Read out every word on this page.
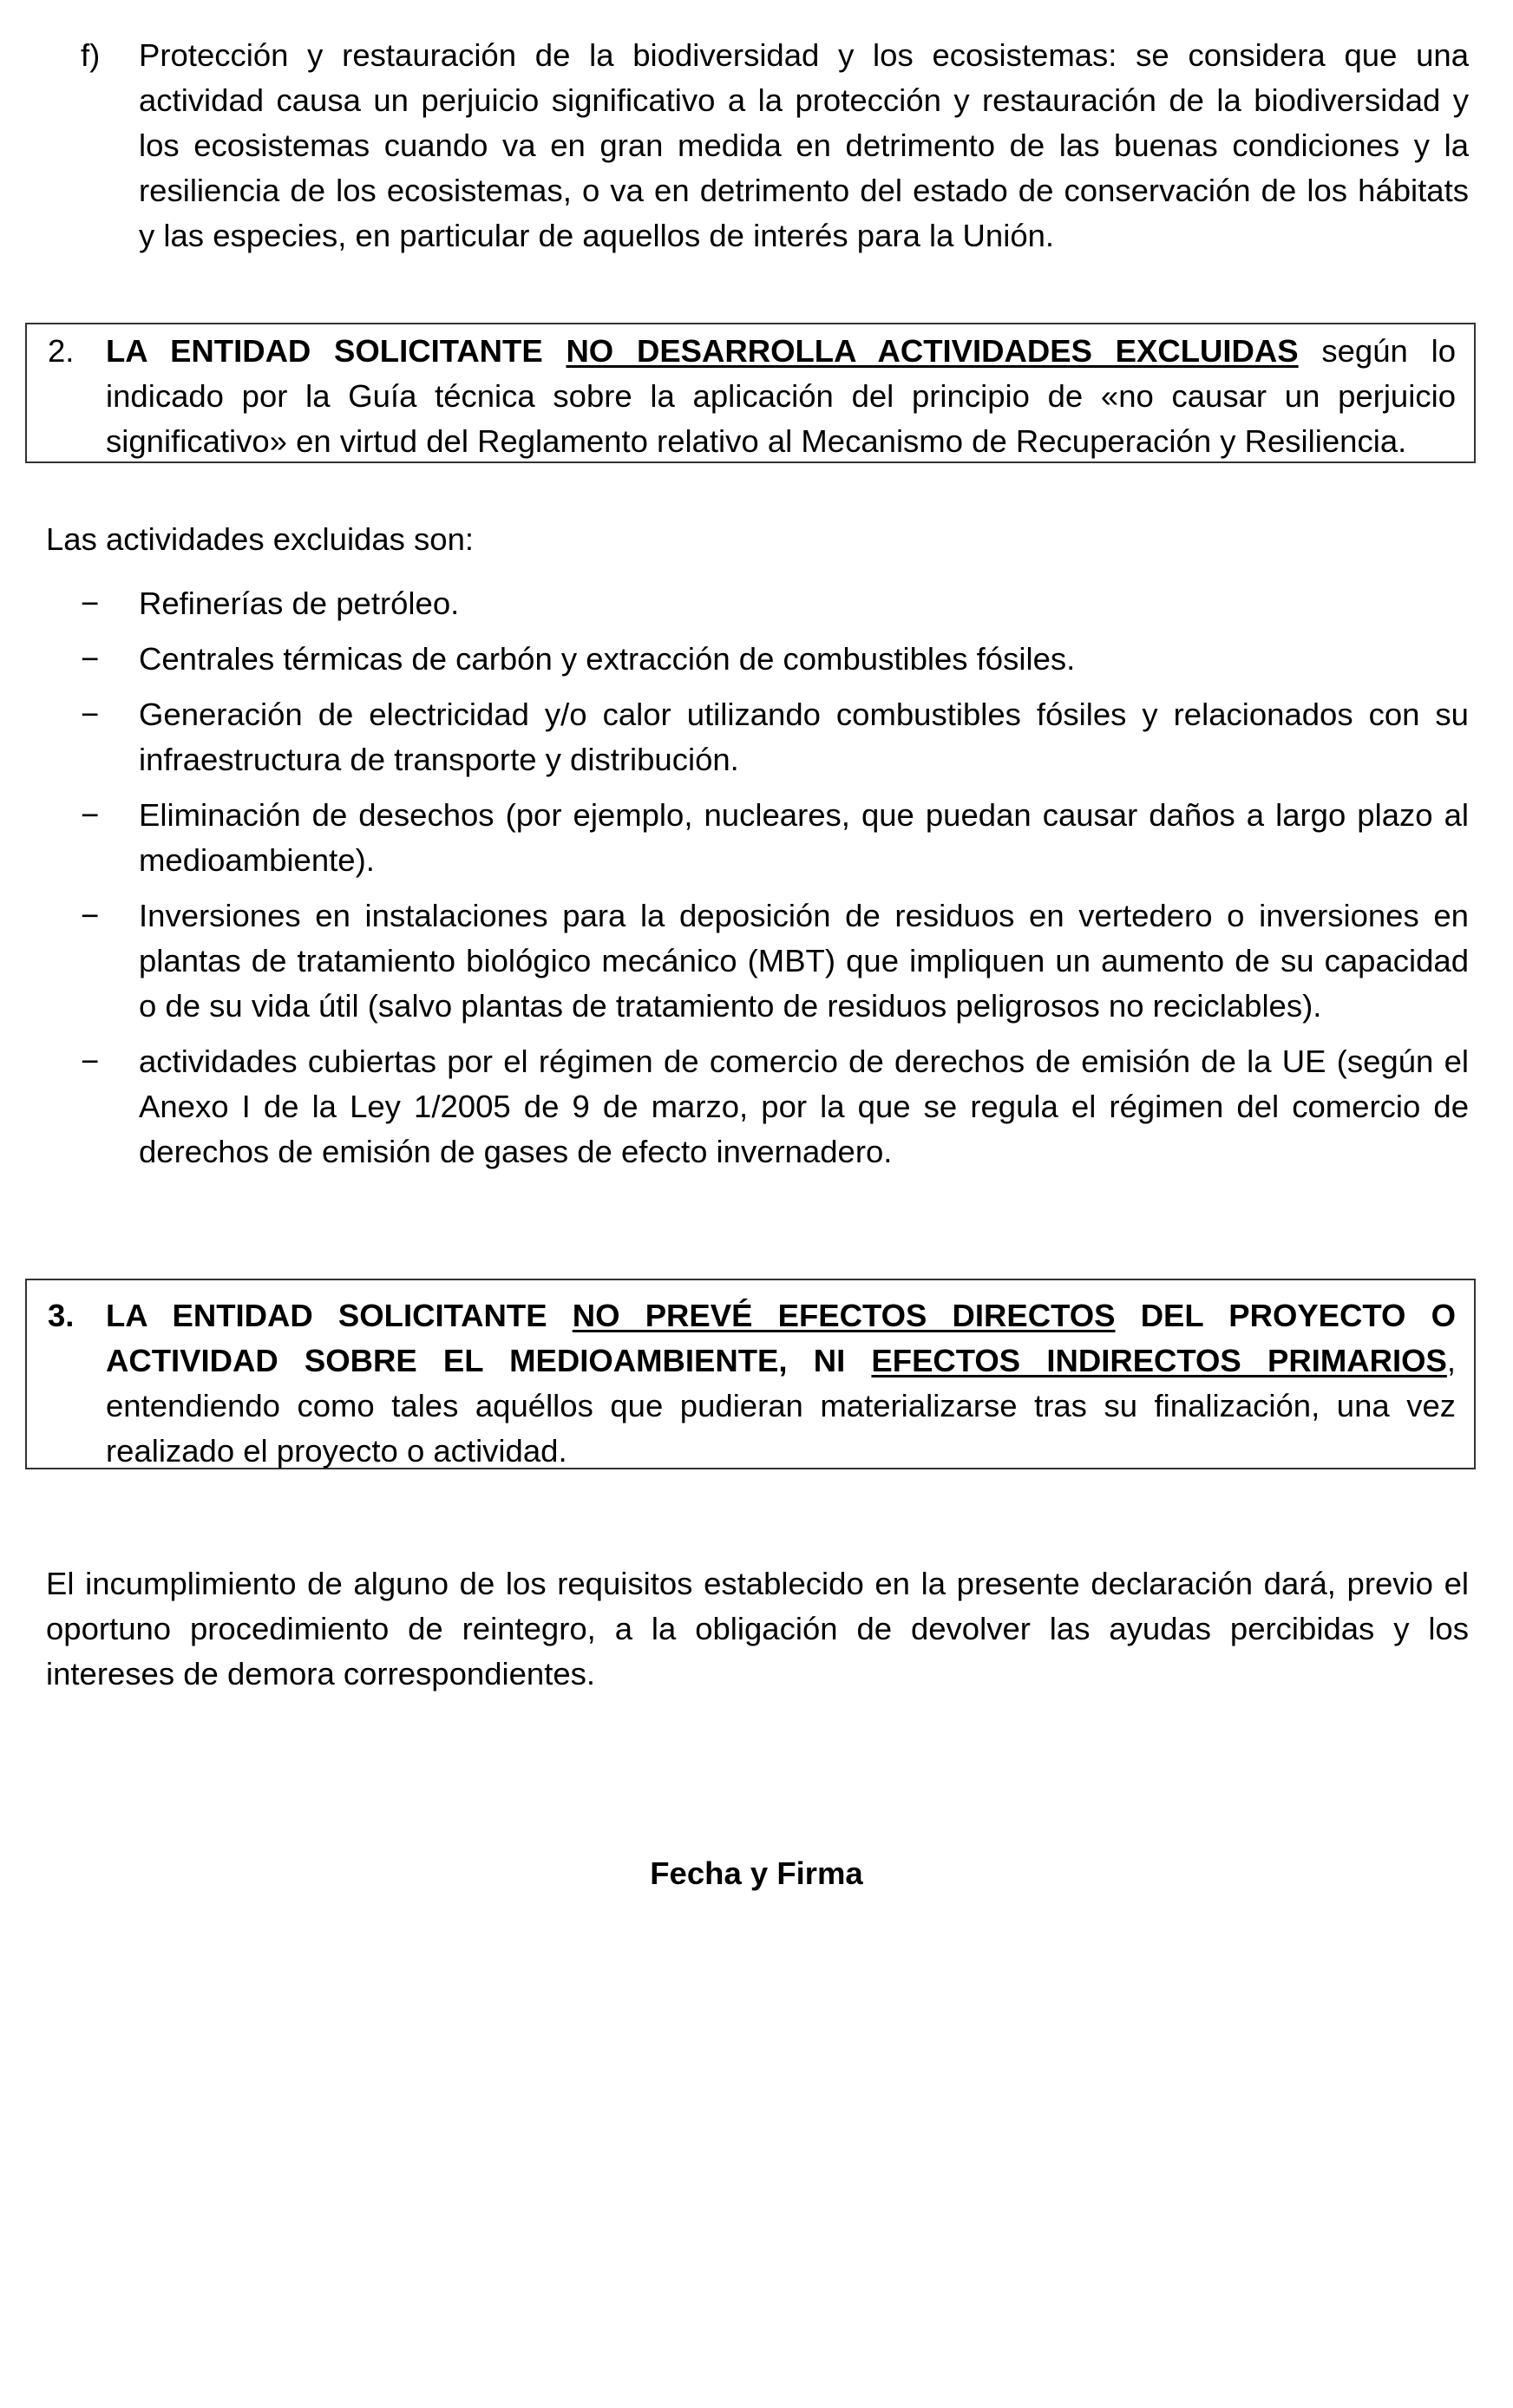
f) Protección y restauración de la biodiversidad y los ecosistemas: se considera que una actividad causa un perjuicio significativo a la protección y restauración de la biodiversidad y los ecosistemas cuando va en gran medida en detrimento de las buenas condiciones y la resiliencia de los ecosistemas, o va en detrimento del estado de conservación de los hábitats y las especies, en particular de aquellos de interés para la Unión.
2. LA ENTIDAD SOLICITANTE NO DESARROLLA ACTIVIDADES EXCLUIDAS según lo indicado por la Guía técnica sobre la aplicación del principio de «no causar un perjuicio significativo» en virtud del Reglamento relativo al Mecanismo de Recuperación y Resiliencia.
Las actividades excluidas son:
− Refinerías de petróleo.
− Centrales térmicas de carbón y extracción de combustibles fósiles.
− Generación de electricidad y/o calor utilizando combustibles fósiles y relacionados con su infraestructura de transporte y distribución.
− Eliminación de desechos (por ejemplo, nucleares, que puedan causar daños a largo plazo al medioambiente).
− Inversiones en instalaciones para la deposición de residuos en vertedero o inversiones en plantas de tratamiento biológico mecánico (MBT) que impliquen un aumento de su capacidad o de su vida útil (salvo plantas de tratamiento de residuos peligrosos no reciclables).
− actividades cubiertas por el régimen de comercio de derechos de emisión de la UE (según el Anexo I de la Ley 1/2005 de 9 de marzo, por la que se regula el régimen del comercio de derechos de emisión de gases de efecto invernadero.
3. LA ENTIDAD SOLICITANTE NO PREVÉ EFECTOS DIRECTOS DEL PROYECTO O ACTIVIDAD SOBRE EL MEDIOAMBIENTE, NI EFECTOS INDIRECTOS PRIMARIOS, entendiendo como tales aquéllos que pudieran materializarse tras su finalización, una vez realizado el proyecto o actividad.
El incumplimiento de alguno de los requisitos establecido en la presente declaración dará, previo el oportuno procedimiento de reintegro, a la obligación de devolver las ayudas percibidas y los intereses de demora correspondientes.
Fecha y Firma
